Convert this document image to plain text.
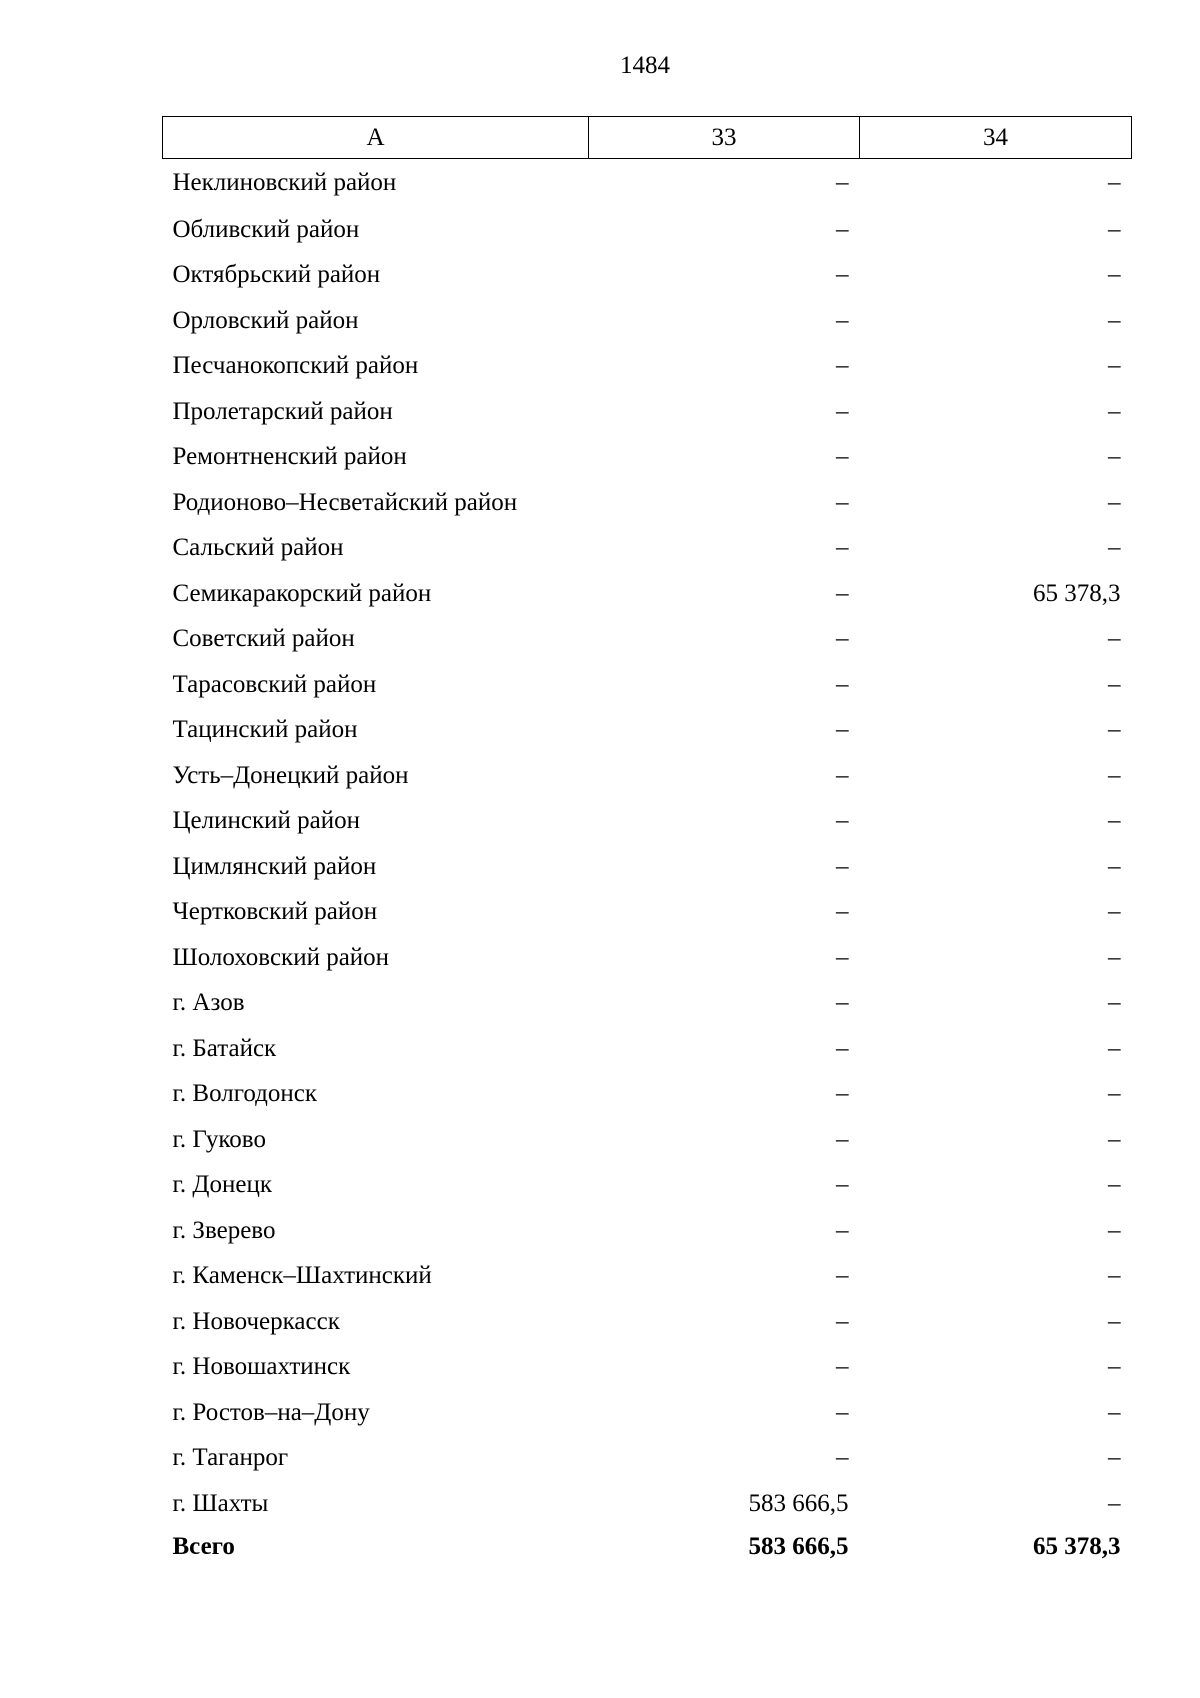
1484
А	33	34
Неклиновский район	–	–
Обливский район	–	–
Октябрьский район	–	–
Орловский район	–	–
Песчанокопский район	–	–
Пролетарский район	–	–
Ремонтненский район	–	–
Родионово–Несветайский район	–	–
Сальский район	–	–
Семикаракорский район	–	65 378,3
Советский район	–	–
Тарасовский район	–	–
Тацинский район	–	–
Усть–Донецкий район	–	–
Целинский район	–	–
Цимлянский район	–	–
Чертковский район	–	–
Шолоховский район	–	–
г. Азов	–	–
г. Батайск	–	–
г. Волгодонск	–	–
г. Гуково	–	–
г. Донецк	–	–
г. Зверево	–	–
г. Каменск–Шахтинский	–	–
г. Новочеркасск	–	–
г. Новошахтинск	–	–
г. Ростов–на–Дону	–	–
г. Таганрог	–	–
г. Шахты	583 666,5	–
Всего	583 666,5	65 378,3
